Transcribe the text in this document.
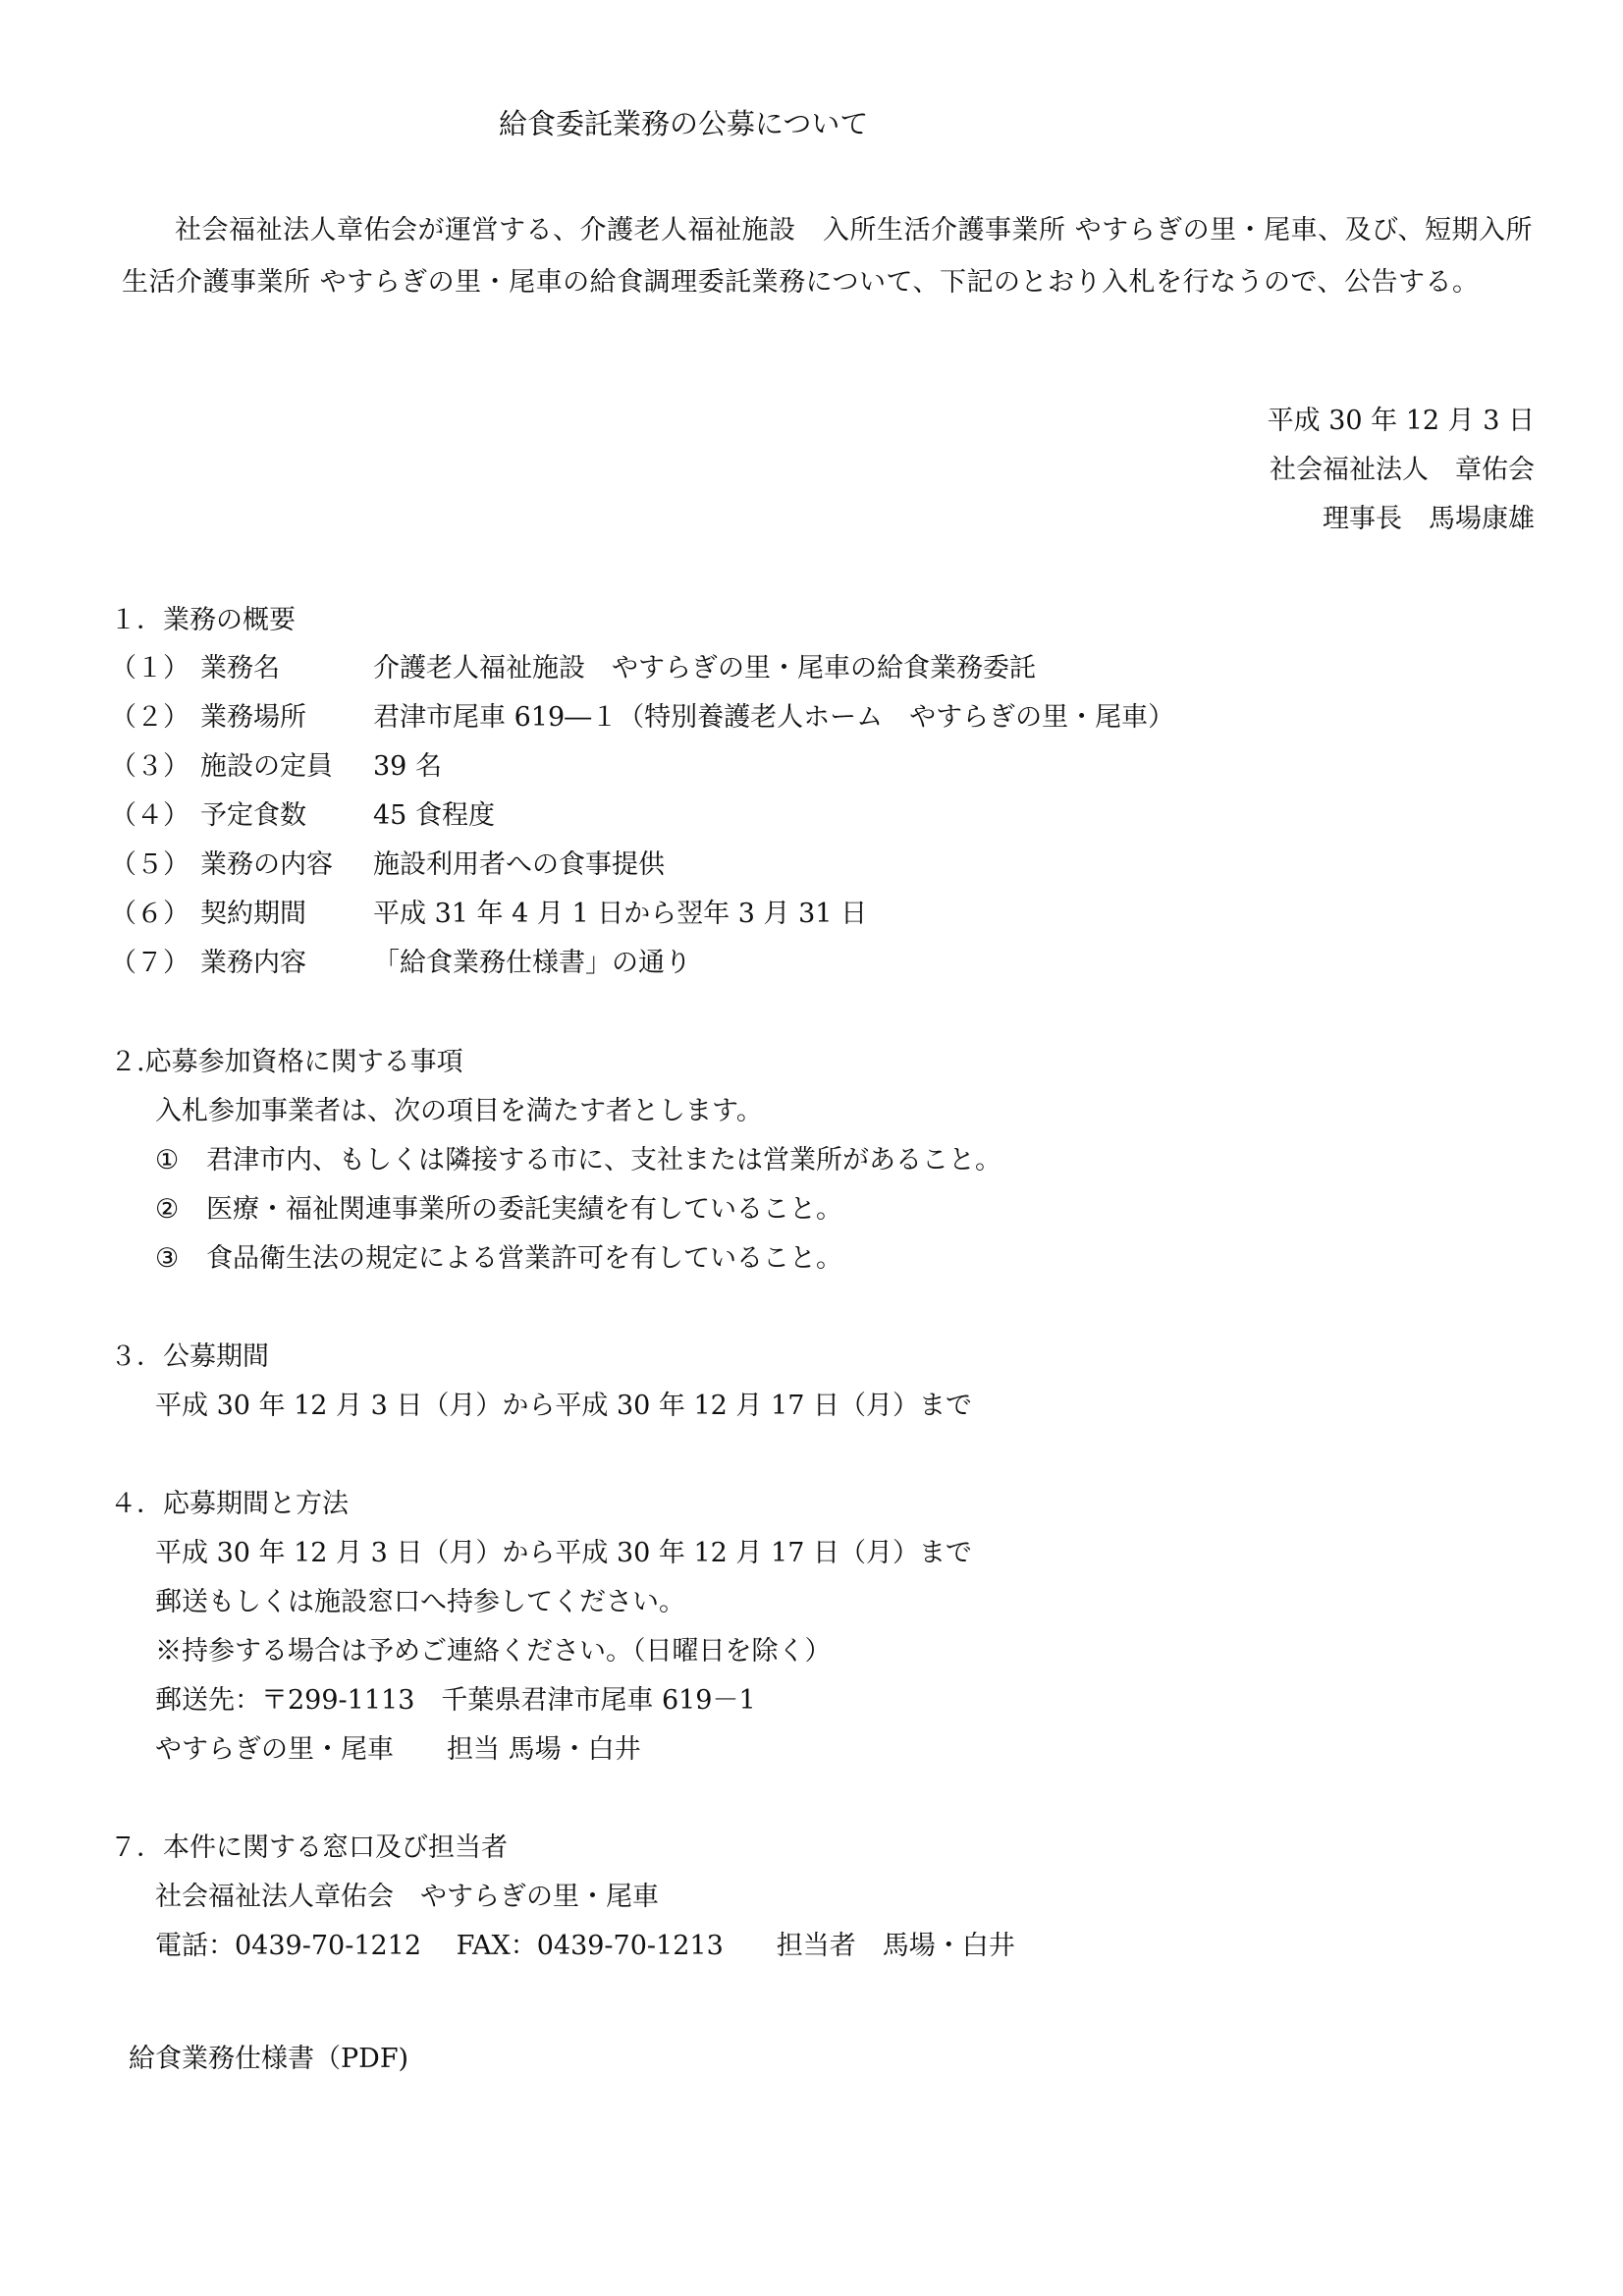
給食委託業務の公募について
社会福祉法人章佑会が運営する、介護老人福祉施設　入所生活介護事業所 やすらぎの里・尾車、及び、短期入所生活介護事業所 やすらぎの里・尾車の給食調理委託業務について、下記のとおり入札を行なうので、公告する。
平成 30 年 12 月 3 日
社会福祉法人　章佑会
理事長　馬場康雄
１．業務の概要
（１） 業務名	介護老人福祉施設　やすらぎの里・尾車の給食業務委託
（２） 業務場所	君津市尾車 619―１（特別養護老人ホーム　やすらぎの里・尾車）
（３） 施設の定員 39 名
（４） 予定食数	45 食程度
（５） 業務の内容 施設利用者への食事提供
（６） 契約期間	平成 31 年 4 月 1 日から翌年 3 月 31 日
（７） 業務内容	「給食業務仕様書」の通り
２.応募参加資格に関する事項
入札参加事業者は、次の項目を満たす者とします。
① 君津市内、もしくは隣接する市に、支社または営業所があること。
② 医療・福祉関連事業所の委託実績を有していること。
③ 食品衛生法の規定による営業許可を有していること。
３．公募期間
平成 30 年 12 月 3 日（月）から平成 30 年 12 月 17 日（月）まで
４．応募期間と方法
平成 30 年 12 月 3 日（月）から平成 30 年 12 月 17 日（月）まで
郵送もしくは施設窓口へ持参してください。
※持参する場合は予めご連絡ください。（日曜日を除く）
郵送先：〒299-1113　千葉県君津市尾車 619－1
やすらぎの里・尾車　　担当 馬場・白井
７．本件に関する窓口及び担当者
社会福祉法人章佑会　やすらぎの里・尾車
電話：0439-70-1212　 FAX：0439-70-1213　　担当者　馬場・白井
給食業務仕様書（PDF)
